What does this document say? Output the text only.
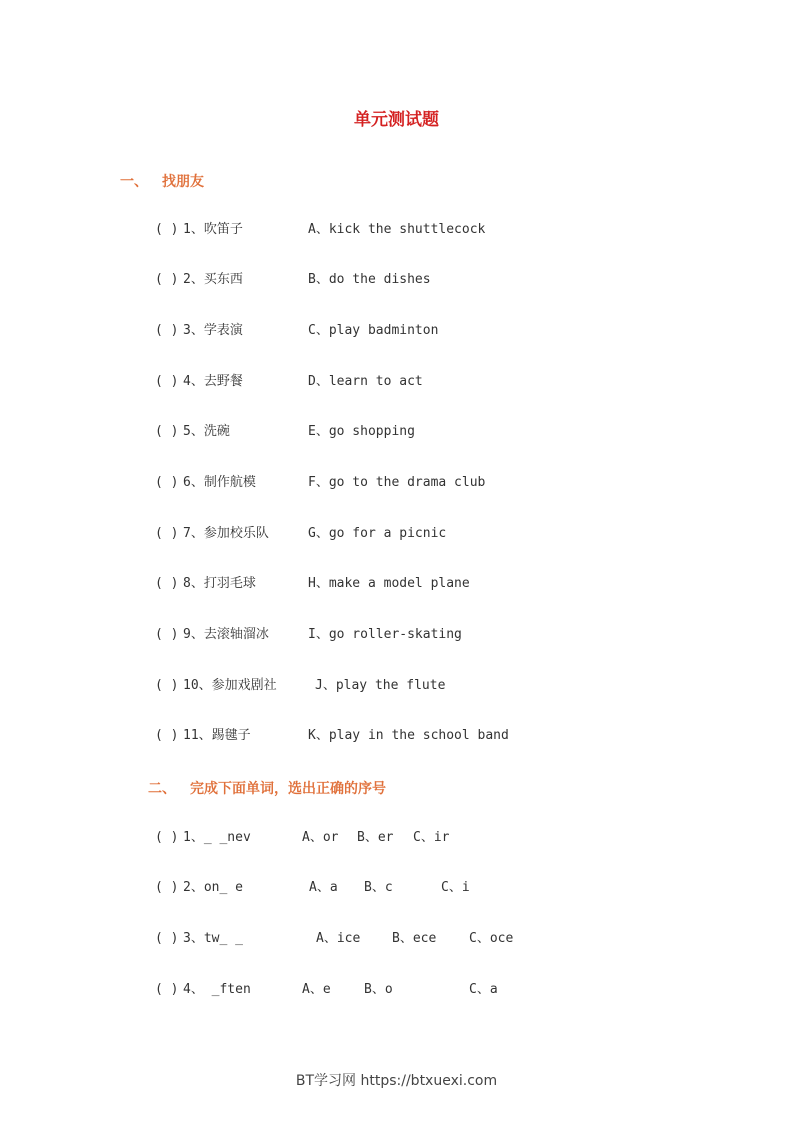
单元测试题
一、 找朋友
( ) 1、吹笛子	A、kick the shuttlecock
( ) 2、买东西	B、do the dishes
( ) 3、学表演	C、play badminton
( ) 4、去野餐	D、learn to act
( ) 5、洗碗	E、go shopping
( ) 6、制作航模	F、go to the drama club
( ) 7、参加校乐队	G、go for a picnic
( ) 8、打羽毛球	H、make a model plane
( ) 9、去滚轴溜冰	I、go roller-skating
( ) 10、参加戏剧社	J、play the flute
( ) 11、踢毽子	K、play in the school band
二、 完成下面单词，选出正确的序号
( ) 1、_ _nev	A、or B、er C、ir
( ) 2、on_ e	A、a B、c	C、i
( ) 3、tw_ _	A、ice B、ece	C、oce
( ) 4、 _ften	A、e	B、o	C、a
BT学习网 https://btxuexi.com
